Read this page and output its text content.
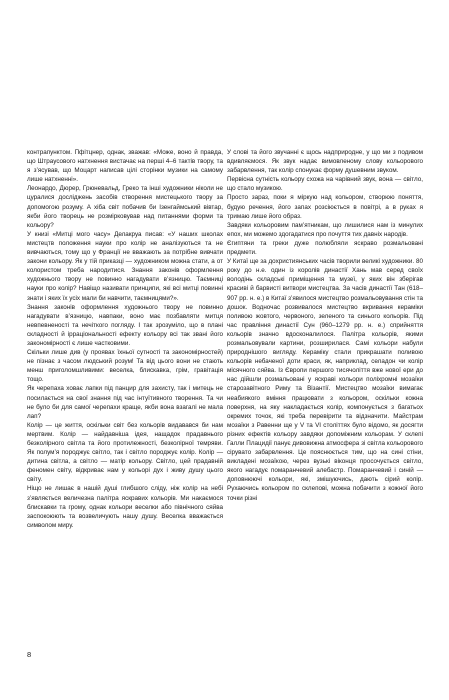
контрапунктом. Пфітцнер, однак, зважав: «Може, воно й правда, що Штраусового натхнення вистачає на перші 4–6 тактів твору, та я з’ясував, що Моцарт написав цілі сторінки музики на самому лише натхненні».

Леонардо, Дюрер, Грюневальд, Греко та інші художники ніколи не цуралися досліджень засобів створення мистецького твору за допомогою розуму. А хіба світ побачив би Ізенгаймський вівтар, якби його творець не розмірковував над питаннями форми та кольору?

У книзі «Митці мого часу» Делакруа писав: «У наших школах мистецтв положення науки про колір не аналізуються та не вивчаються, тому що у Франції не вважають за потрібне вивчати закони кольору. Як у тій приказці — художником можна стати, а от колористом треба народитися. Знання законів оформлення художнього твору не повинно нагадувати в’язницю. Таємниці науки про колір? Навіщо називати принципи, які всі митці повинні знати і яких їх усіх мали би навчити, таємницями?».

Знання законів оформлення художнього твору не повинно нагадувати в’язницю, навпаки, воно має позбавляти митця невпевненості та нечіткого погляду. І так зрозуміло, що в плані складності й ірраціональності ефекту кольору всі так звані його закономірності є лише частковими.

Скільки лише див (у проявах їхньої сутності та закономірностей) не пізнає з часом людський розум! Та від цього вони не стають менш приголомшливими: веселка, блискавка, грім, гравітація тощо.

Як черепаха ховає лапки під панцир для захисту, так і митець не посилається на свої знання під час інтуїтивного творення. Та чи не було би для самої черепахи краще, якби вона взагалі не мала лап?

Колір — це життя, оскільки світ без кольорів видавався би нам мертвим. Колір — найдавніша ідея, нащадок прадавнього безколірного світла та його протилежності, безколірної темряви. Як полум’я породжує світло, так і світло породжує колір. Колір — дитина світла, а світло — матір кольору. Світло, цей прадавній феномен світу, відкриває нам у кольорі дух і живу душу цього світу.

Ніщо не лишає в нашій душі глибшого сліду, ніж колір на небі з’являється величезна палітра яскравих кольорів. Ми накаємося блискавки та грому, однак кольори веселки або північного сяйва заспокоюють та возвеличують нашу душу. Веселка вважається символом миру.

У слові та його звучанні є щось надприродне, у що ми з подивом вдивляємося. Як звук надає вимовленому слову кольорового забарвлення, так колір спонукає форму душевним звуком.

Первісна сутність кольору схожа на чарівний звук, вона — світло, що стало музикою.

Просто зараз, поки я міркую над кольором, створюю поняття, будую речення, його запах розсіюється в повітрі, а в руках я тримаю лише його образ.

Завдяки кольоровим пам’ятникам, що лишилися нам із минулих епох, ми можемо здогадатися про почуття тих давніх народів.

Єгиптяни та греки дуже полюбляли яскраво розмальовані предмети.

У Китаї ще за дохристиянських часів творили великі художники. 80 року до н.е. один із королів династії Хань мав серед своїх володінь складські приміщення та музеї, у яких він зберігав красиві й барвисті витвори мистецтва. За часів династії Тан (618–907 рр. н. е.) в Китаї з’явилося мистецтво розмальовування стін та дошок. Водночас розвивалося мистецтво вкривання кераміки поливою жовтого, червоного, зеленого та синього кольорів. Під час правління династії Сун (960–1279 рр. н. е.) сприйняття кольорів значно вдосконалилося. Палітра кольорів, якими розмальовували картини, розширилася. Самі кольори набули природнішого вигляду. Кераміку стали прикрашати поливою кольорів небаченої доти краси, як, наприклад, селадон чи колір місячного сяйва. Із Європи першого тисячоліття вже нової ери до нас дійшли розмальовані у яскраві кольори поліхромні мозаїки старозавітного Риму та Візантії. Мистецтво мозаїки вимагає неабиякого вміння працювати з кольором, оскільки кожна поверхня, на яку накладається колір, компонується з багатьох окремих точок, які треба перевірити та відзначити. Майстрам мозаїки з Равенни ще у V та VI століттях було відомо, як досягти різних ефектів кольору завдяки допоміжним кольорам. У склепі Галли Плацидії панує дивовижна атмосфера зі світла кольорового сірувато забарвлення. Це пояснюється тим, що на сині стіни, викладені мозаїкою, через вузькі віконця просочується світло, якого нагадує помаранчевий алебастр. Помаранчевий і синій — доповнюючі кольори, які, змішуючись, дають сірий колір. Рухаючись кольором по склепові, можна побачити з кожної його точки різні

8
